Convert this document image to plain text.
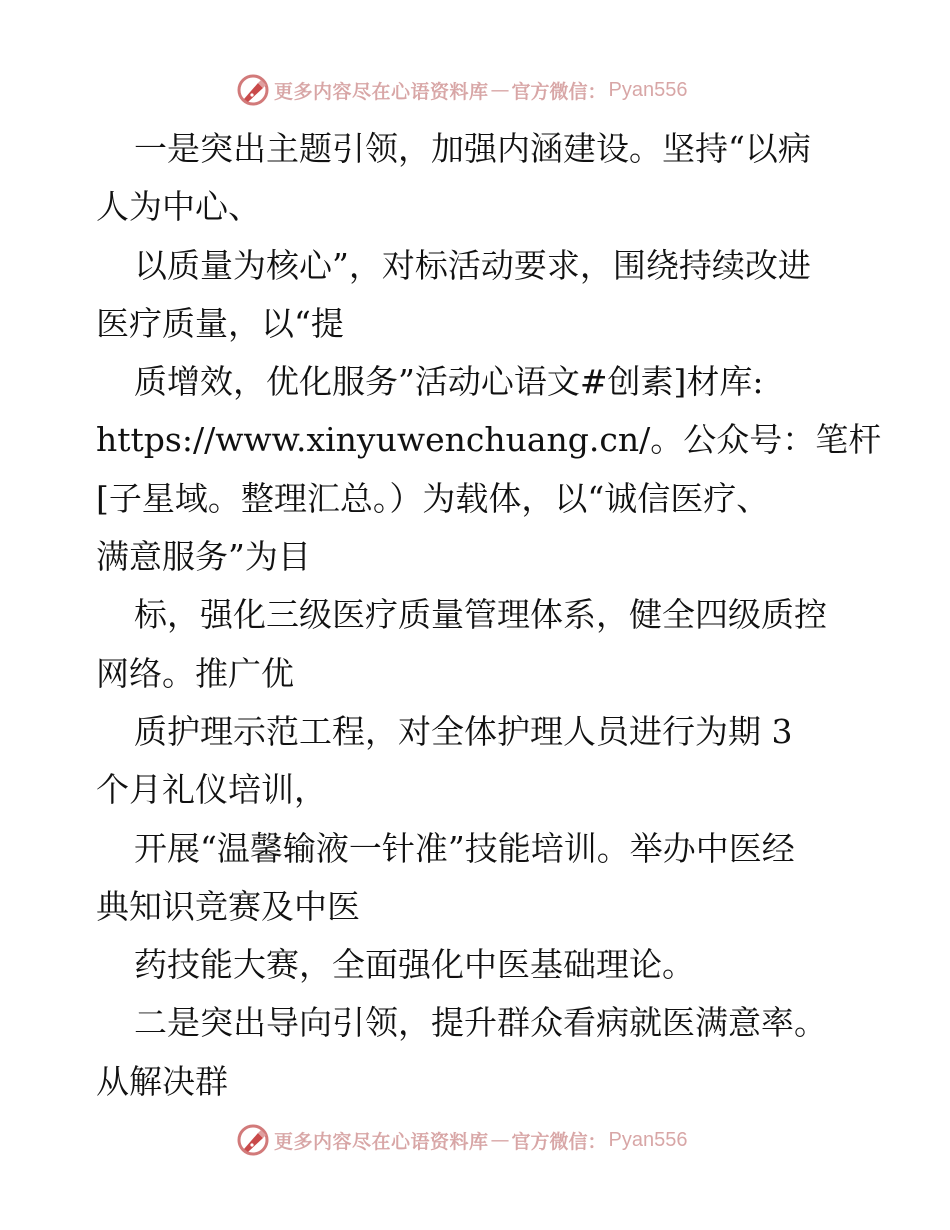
更多内容尽在心语资料库 — 官方微信： Pyan556
一是突出主题引领，加强内涵建设。坚持“以病
人为中心、
以质量为核心”，对标活动要求，围绕持续改进
医疗质量，以“提
质增效，优化服务”活动心语文#创素]材库:
https://www.xinyuwenchuang.cn/。公众号：笔杆
[子星域。整理汇总。）为载体，以“诚信医疗、
满意服务”为目
标，强化三级医疗质量管理体系，健全四级质控
网络。推广优
质护理示范工程，对全体护理人员进行为期 3
个月礼仪培训，
开展“温馨输液一针准”技能培训。举办中医经
典知识竞赛及中医
药技能大赛，全面强化中医基础理论。
二是突出导向引领，提升群众看病就医满意率。
从解决群
更多内容尽在心语资料库 — 官方微信： Pyan556
